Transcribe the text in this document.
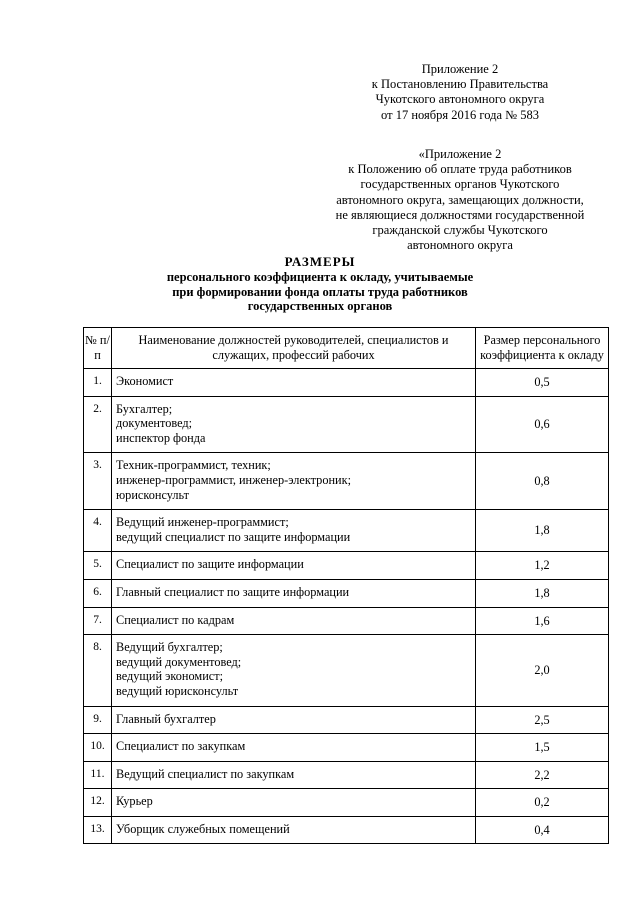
Приложение 2
к Постановлению Правительства
Чукотского автономного округа
от 17 ноября 2016 года № 583
«Приложение 2
к Положению об оплате труда работников
государственных органов Чукотского
автономного округа, замещающих должности,
не являющиеся должностями государственной
гражданской службы Чукотского
автономного округа
РАЗМЕРЫ
персонального коэффициента к окладу, учитываемые
при формировании фонда оплаты труда работников
государственных органов
№ п/п	Наименование должностей руководителей, специалистов и служащих, профессий рабочих	Размер персонального коэффициента к окладу
1.	Экономист	0,5
2.	Бухгалтер;
документовед;
инспектор фонда	0,6
3.	Техник-программист, техник;
инженер-программист, инженер-электроник;
юрисконсульт	0,8
4.	Ведущий инженер-программист;
ведущий специалист по защите информации	1,8
5.	Специалист по защите информации	1,2
6.	Главный специалист по защите информации	1,8
7.	Специалист по кадрам	1,6
8.	Ведущий бухгалтер;
ведущий документовед;
ведущий экономист;
ведущий юрисконсульт	2,0
9.	Главный бухгалтер	2,5
10.	Специалист по закупкам	1,5
11.	Ведущий специалист по закупкам	2,2
12.	Курьер	0,2
13.	Уборщик служебных помещений	0,4
